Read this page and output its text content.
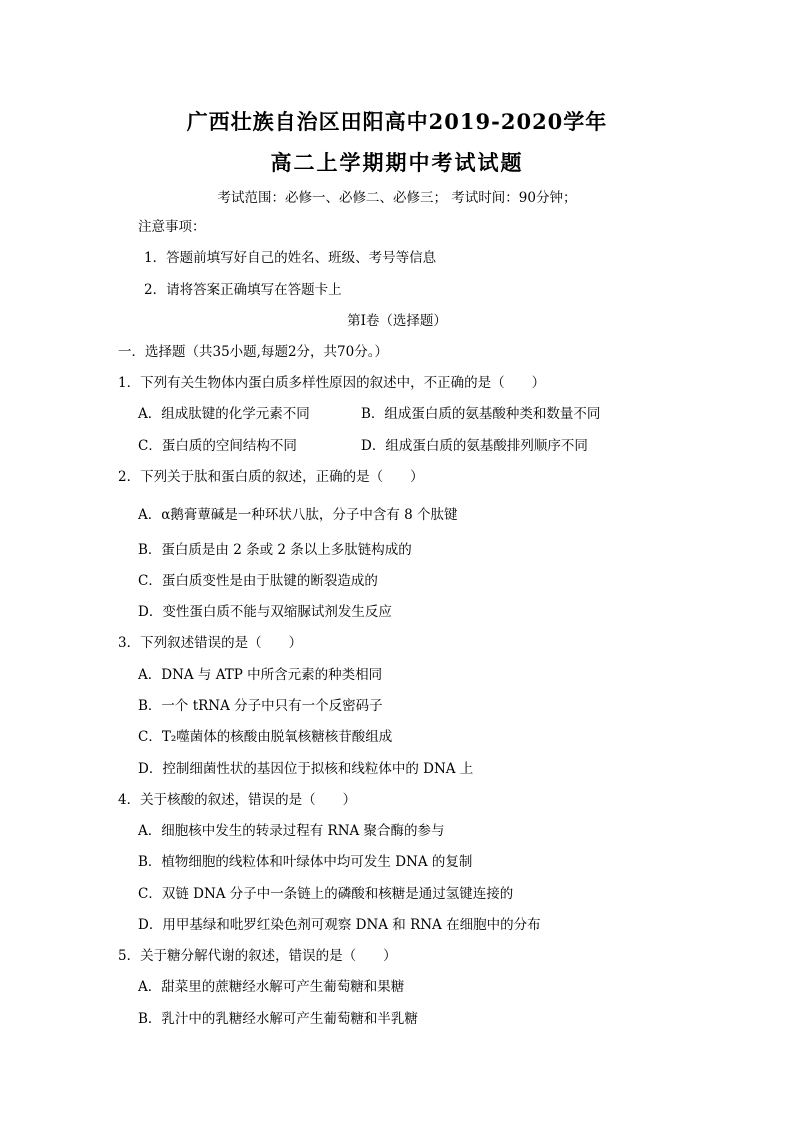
广西壮族自治区田阳高中2019-2020学年
高二上学期期中考试试题
考试范围：必修一、必修二、必修三； 考试时间：90分钟；
注意事项：
1．答题前填写好自己的姓名、班级、考号等信息
2．请将答案正确填写在答题卡上
第I卷（选择题）
一．选择题（共35小题,每题2分，共70分。）
1．下列有关生物体内蛋白质多样性原因的叙述中，不正确的是（　　）
A．组成肽键的化学元素不同	B．组成蛋白质的氨基酸种类和数量不同
C．蛋白质的空间结构不同	D．组成蛋白质的氨基酸排列顺序不同
2．下列关于肽和蛋白质的叙述，正确的是（　　）
A．α鹅膏蕈碱是一种环状八肽，分子中含有 8 个肽键
B．蛋白质是由 2 条或 2 条以上多肽链构成的
C．蛋白质变性是由于肽键的断裂造成的
D．变性蛋白质不能与双缩脲试剂发生反应
3．下列叙述错误的是（　　）
A．DNA 与 ATP 中所含元素的种类相同
B．一个 tRNA 分子中只有一个反密码子
C．T₂噬菌体的核酸由脱氧核糖核苷酸组成
D．控制细菌性状的基因位于拟核和线粒体中的 DNA 上
4．关于核酸的叙述，错误的是（　　）
A．细胞核中发生的转录过程有 RNA 聚合酶的参与
B．植物细胞的线粒体和叶绿体中均可发生 DNA 的复制
C．双链 DNA 分子中一条链上的磷酸和核糖是通过氢键连接的
D．用甲基绿和吡罗红染色剂可观察 DNA 和 RNA 在细胞中的分布
5．关于糖分解代谢的叙述，错误的是（　　）
A．甜菜里的蔗糖经水解可产生葡萄糖和果糖
B．乳汁中的乳糖经水解可产生葡萄糖和半乳糖
